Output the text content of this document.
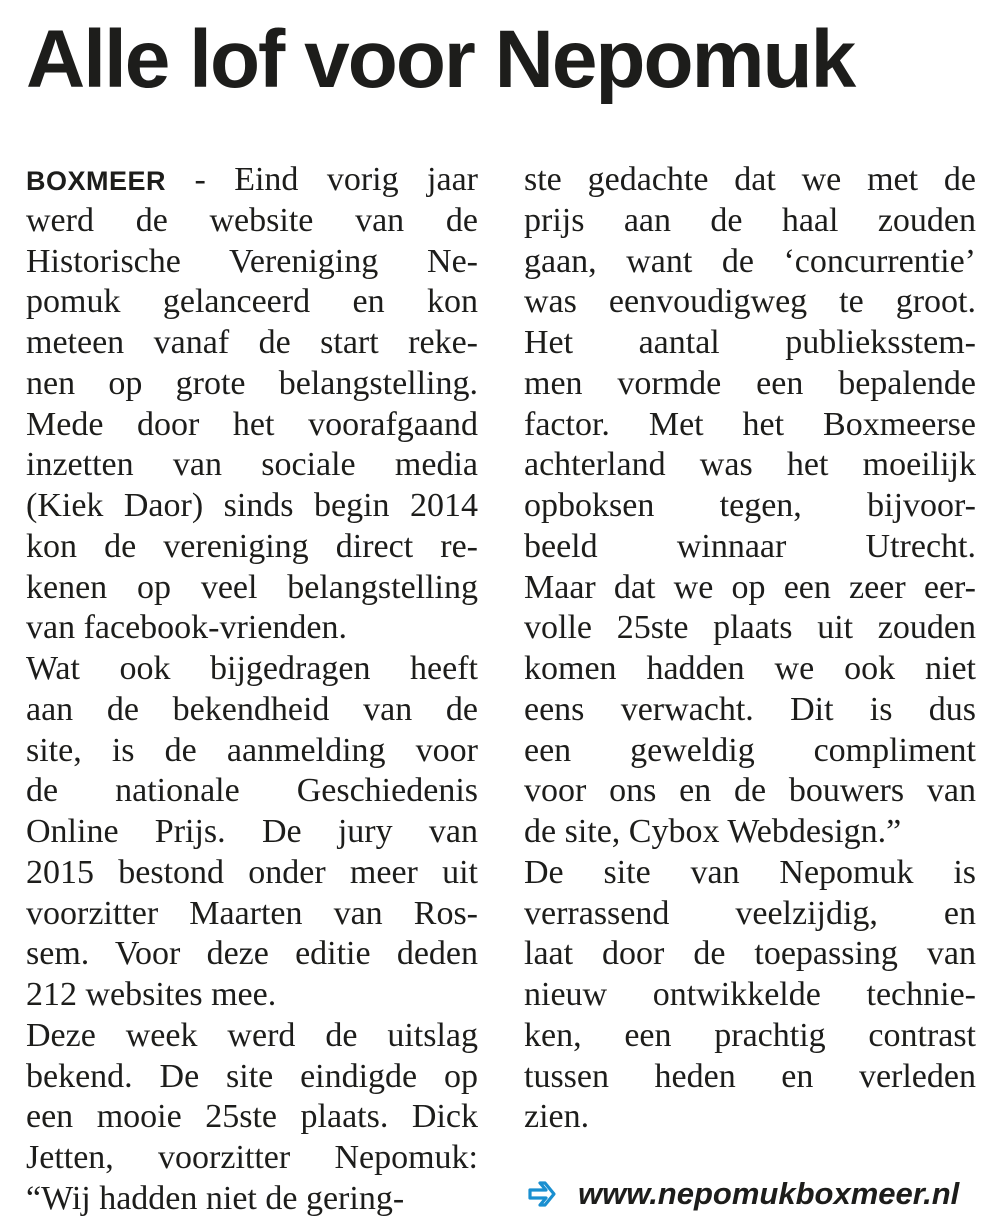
Alle lof voor Nepomuk
BOXMEER - Eind vorig jaar
werd de website van de
Historische Vereniging Ne-
pomuk gelanceerd en kon
meteen vanaf de start reke-
nen op grote belangstelling.
Mede door het voorafgaand
inzetten van sociale media
(Kiek Daor) sinds begin 2014
kon de vereniging direct re-
kenen op veel belangstelling
van facebook-vrienden.
Wat ook bijgedragen heeft
aan de bekendheid van de
site, is de aanmelding voor
de nationale Geschiedenis
Online Prijs. De jury van
2015 bestond onder meer uit
voorzitter Maarten van Ros-
sem. Voor deze editie deden
212 websites mee.
Deze week werd de uitslag
bekend. De site eindigde op
een mooie 25ste plaats. Dick
Jetten, voorzitter Nepomuk:
“Wij hadden niet de gering-
ste gedachte dat we met de
prijs aan de haal zouden
gaan, want de ‘concurrentie’
was eenvoudigweg te groot.
Het aantal publieksstem-
men vormde een bepalende
factor. Met het Boxmeerse
achterland was het moeilijk
opboksen tegen, bijvoor-
beeld winnaar Utrecht.
Maar dat we op een zeer eer-
volle 25ste plaats uit zouden
komen hadden we ook niet
eens verwacht. Dit is dus
een geweldig compliment
voor ons en de bouwers van
de site, Cybox Webdesign.”
De site van Nepomuk is
verrassend veelzijdig, en
laat door de toepassing van
nieuw ontwikkelde technie-
ken, een prachtig contrast
tussen heden en verleden
zien.
www.nepomukboxmeer.nl
